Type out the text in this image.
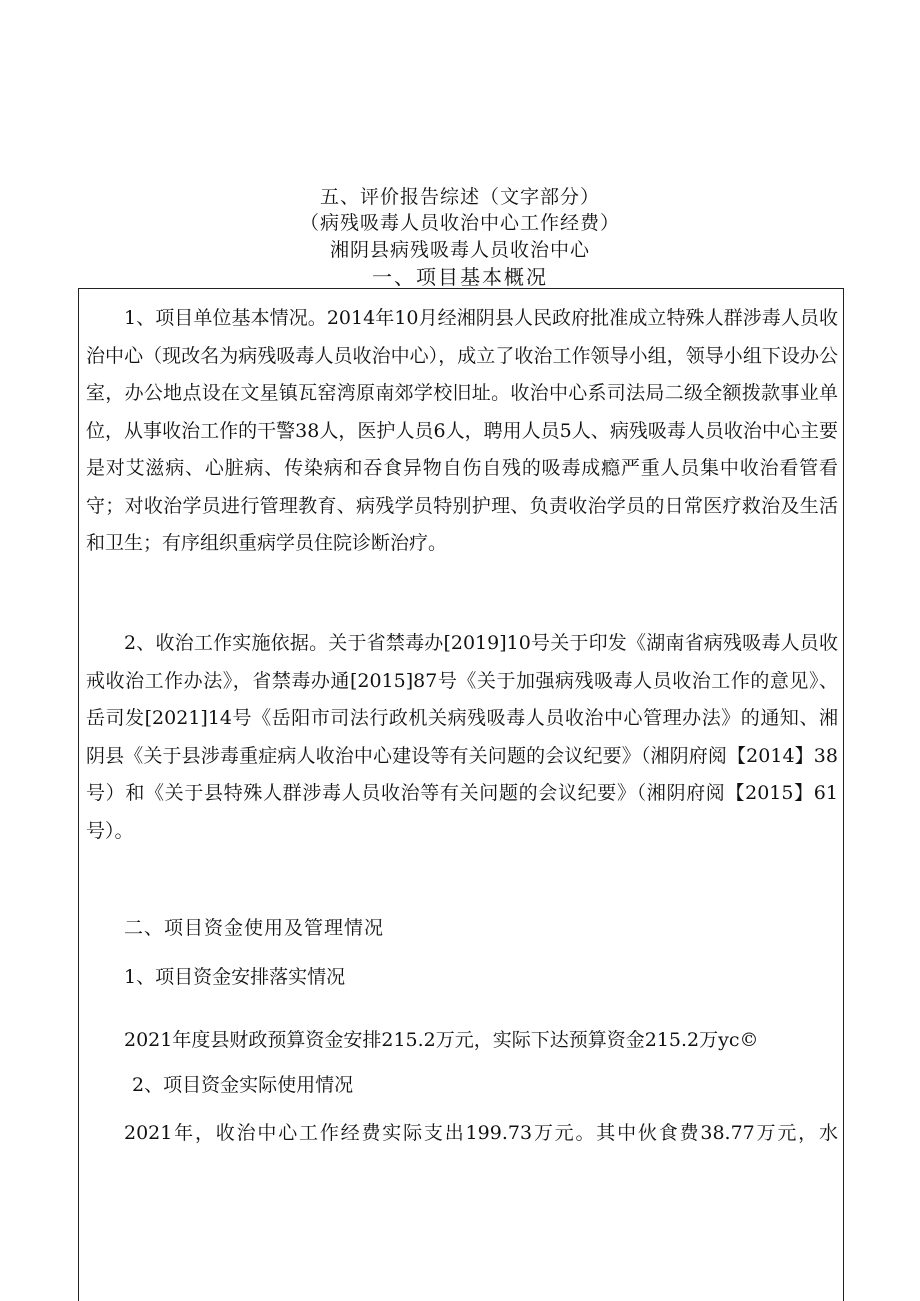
五、评价报告综述（文字部分）
（病残吸毒人员收治中心工作经费）
湘阴县病残吸毒人员收治中心
一、项目基本概况

1、项目单位基本情况。2014年10月经湘阴县人民政府批准成立特殊人群涉毒人员收治中心（现改名为病残吸毒人员收治中心），成立了收治工作领导小组，领导小组下设办公室，办公地点设在文星镇瓦窑湾原南郊学校旧址。收治中心系司法局二级全额拨款事业单位，从事收治工作的干警38人，医护人员6人，聘用人员5人、病残吸毒人员收治中心主要是对艾滋病、心脏病、传染病和吞食异物自伤自残的吸毒成瘾严重人员集中收治看管看守；对收治学员进行管理教育、病残学员特别护理、负责收治学员的日常医疗救治及生活和卫生；有序组织重病学员住院诊断治疗。

2、收治工作实施依据。关于省禁毒办[2019]10号关于印发《湖南省病残吸毒人员收戒收治工作办法》，省禁毒办通[2015]87号《关于加强病残吸毒人员收治工作的意见》、岳司发[2021]14号《岳阳市司法行政机关病残吸毒人员收治中心管理办法》的通知、湘阴县《关于县涉毒重症病人收治中心建设等有关问题的会议纪要》（湘阴府阅【2014】38号）和《关于县特殊人群涉毒人员收治等有关问题的会议纪要》（湘阴府阅【2015】61号）。

二、项目资金使用及管理情况
1、项目资金安排落实情况
2021年度县财政预算资金安排215.2万元，实际下达预算资金215.2万yc©
2、项目资金实际使用情况
2021年，收治中心工作经费实际支出199.73万元。其中伙食费38.77万元，水
